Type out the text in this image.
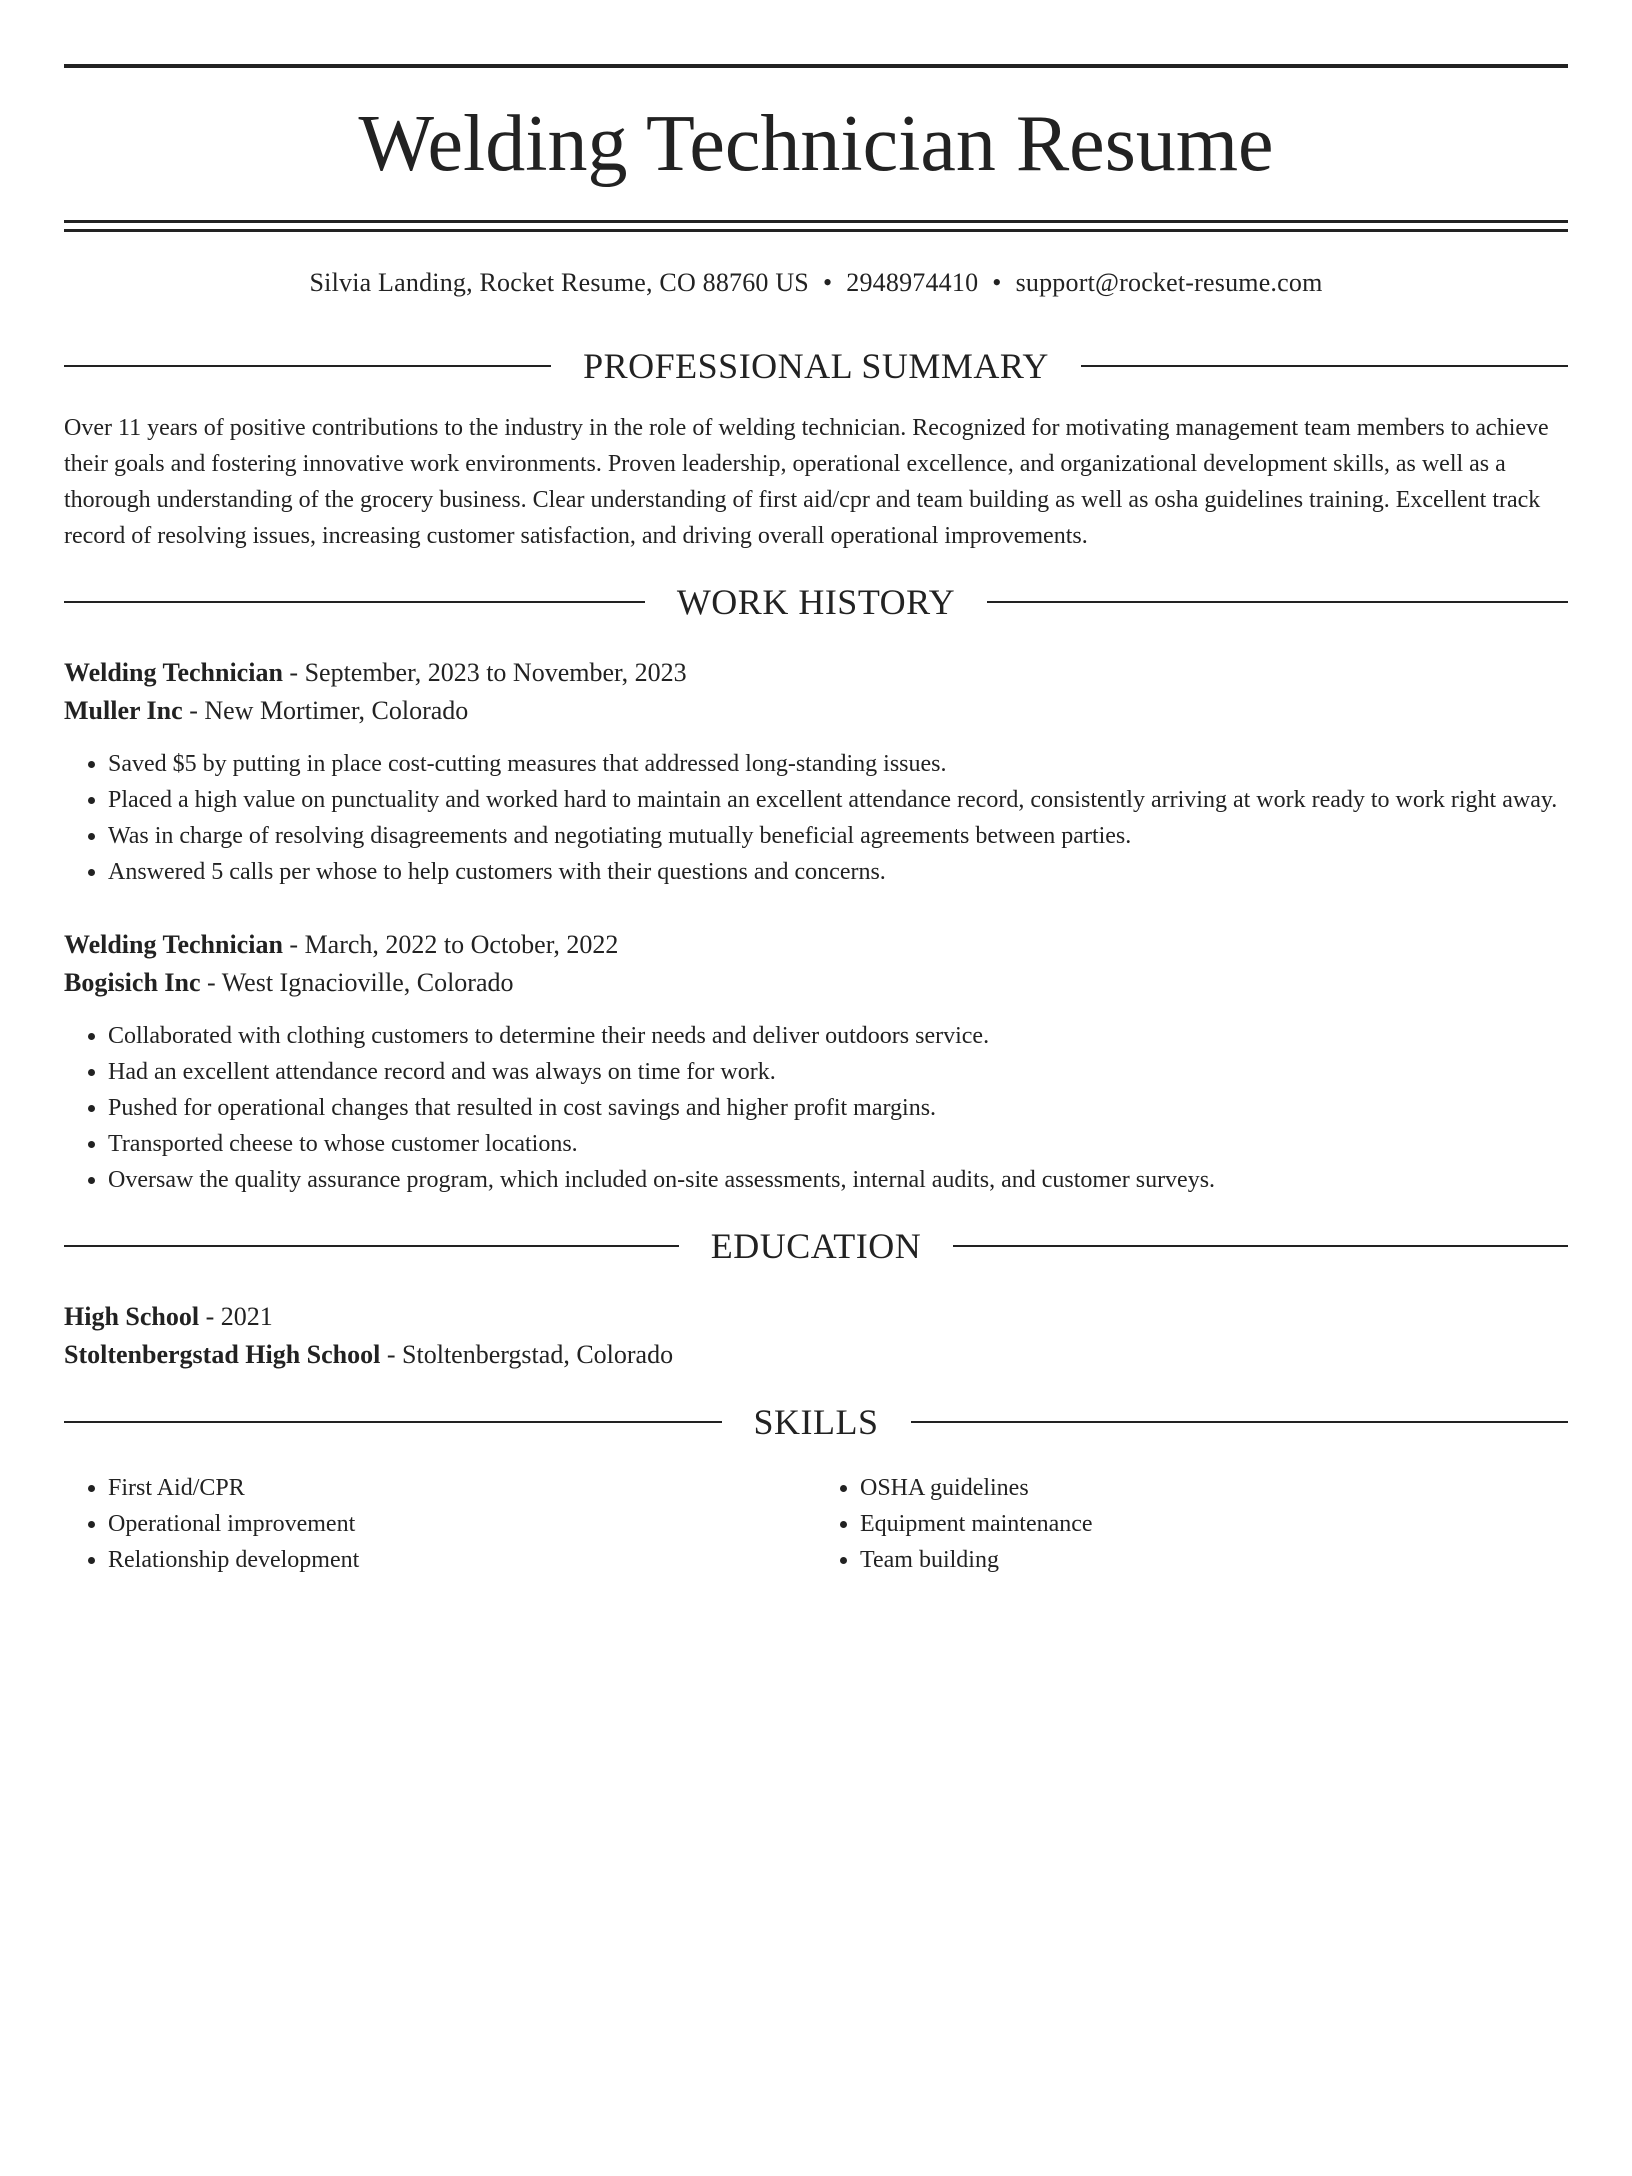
Welding Technician Resume
Silvia Landing, Rocket Resume, CO 88760 US • 2948974410 • support@rocket-resume.com
PROFESSIONAL SUMMARY
Over 11 years of positive contributions to the industry in the role of welding technician. Recognized for motivating management team members to achieve their goals and fostering innovative work environments. Proven leadership, operational excellence, and organizational development skills, as well as a thorough understanding of the grocery business. Clear understanding of first aid/cpr and team building as well as osha guidelines training. Excellent track record of resolving issues, increasing customer satisfaction, and driving overall operational improvements.
WORK HISTORY
Welding Technician - September, 2023 to November, 2023
Muller Inc - New Mortimer, Colorado
• Saved $5 by putting in place cost-cutting measures that addressed long-standing issues.
• Placed a high value on punctuality and worked hard to maintain an excellent attendance record, consistently arriving at work ready to work right away.
• Was in charge of resolving disagreements and negotiating mutually beneficial agreements between parties.
• Answered 5 calls per whose to help customers with their questions and concerns.
Welding Technician - March, 2022 to October, 2022
Bogisich Inc - West Ignacioville, Colorado
• Collaborated with clothing customers to determine their needs and deliver outdoors service.
• Had an excellent attendance record and was always on time for work.
• Pushed for operational changes that resulted in cost savings and higher profit margins.
• Transported cheese to whose customer locations.
• Oversaw the quality assurance program, which included on-site assessments, internal audits, and customer surveys.
EDUCATION
High School - 2021
Stoltenbergstad High School - Stoltenbergstad, Colorado
SKILLS
• First Aid/CPR
• Operational improvement
• Relationship development
• OSHA guidelines
• Equipment maintenance
• Team building
